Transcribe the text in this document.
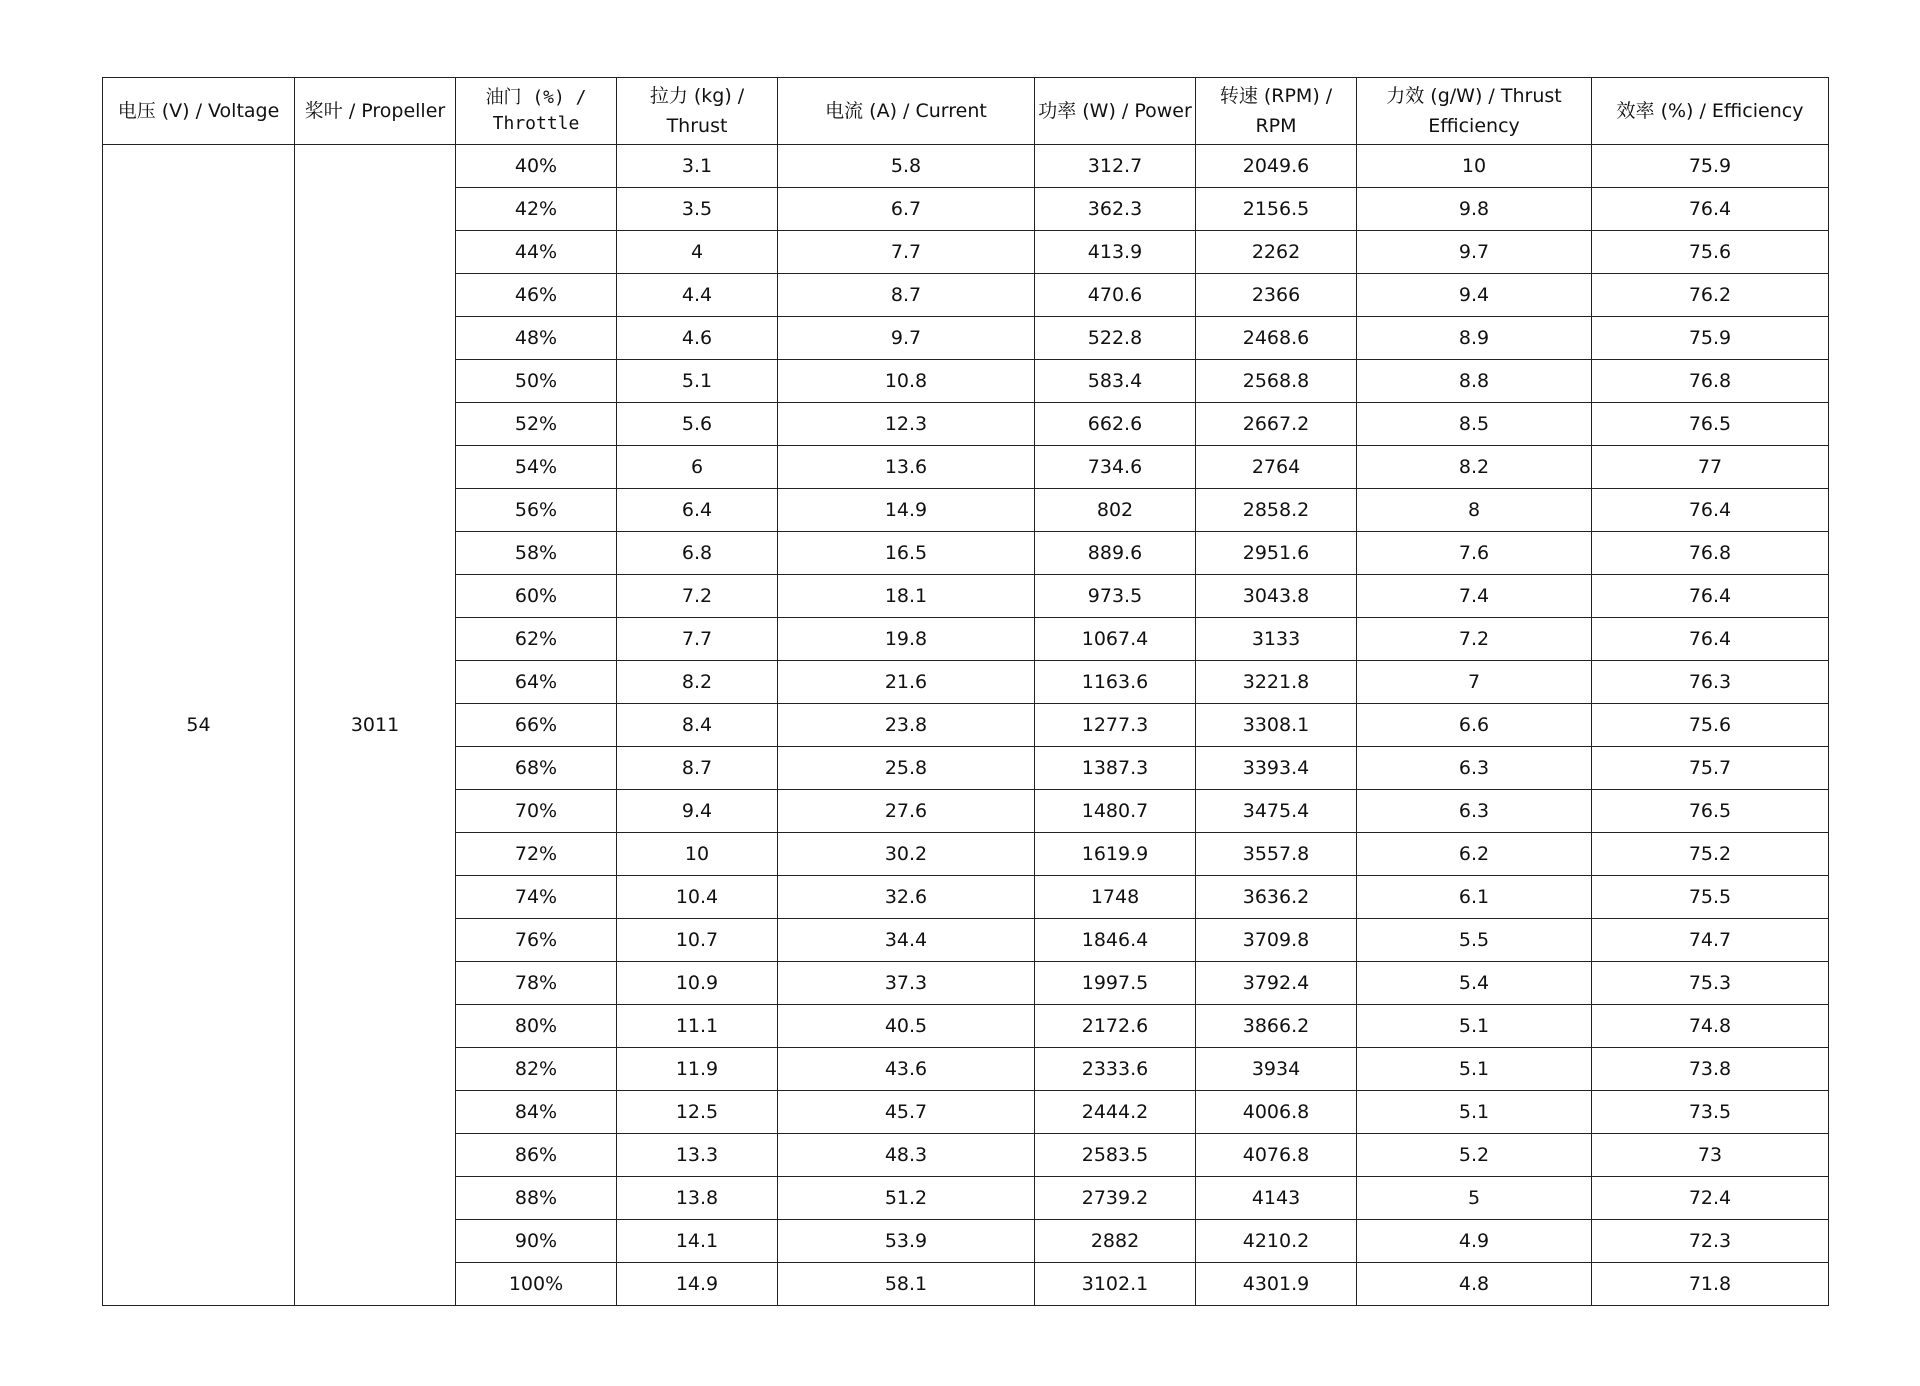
电压 (V) / Voltage	桨叶 / Propeller	油门 (%) / Throttle	拉力 (kg) / Thrust	电流 (A) / Current	功率 (W) / Power	转速 (RPM) / RPM	力效 (g/W) / Thrust Efficiency	效率 (%) / Efficiency
54	3011	40%	3.1	5.8	312.7	2049.6	10	75.9
		42%	3.5	6.7	362.3	2156.5	9.8	76.4
		44%	4	7.7	413.9	2262	9.7	75.6
		46%	4.4	8.7	470.6	2366	9.4	76.2
		48%	4.6	9.7	522.8	2468.6	8.9	75.9
		50%	5.1	10.8	583.4	2568.8	8.8	76.8
		52%	5.6	12.3	662.6	2667.2	8.5	76.5
		54%	6	13.6	734.6	2764	8.2	77
		56%	6.4	14.9	802	2858.2	8	76.4
		58%	6.8	16.5	889.6	2951.6	7.6	76.8
		60%	7.2	18.1	973.5	3043.8	7.4	76.4
		62%	7.7	19.8	1067.4	3133	7.2	76.4
		64%	8.2	21.6	1163.6	3221.8	7	76.3
		66%	8.4	23.8	1277.3	3308.1	6.6	75.6
		68%	8.7	25.8	1387.3	3393.4	6.3	75.7
		70%	9.4	27.6	1480.7	3475.4	6.3	76.5
		72%	10	30.2	1619.9	3557.8	6.2	75.2
		74%	10.4	32.6	1748	3636.2	6.1	75.5
		76%	10.7	34.4	1846.4	3709.8	5.5	74.7
		78%	10.9	37.3	1997.5	3792.4	5.4	75.3
		80%	11.1	40.5	2172.6	3866.2	5.1	74.8
		82%	11.9	43.6	2333.6	3934	5.1	73.8
		84%	12.5	45.7	2444.2	4006.8	5.1	73.5
		86%	13.3	48.3	2583.5	4076.8	5.2	73
		88%	13.8	51.2	2739.2	4143	5	72.4
		90%	14.1	53.9	2882	4210.2	4.9	72.3
		100%	14.9	58.1	3102.1	4301.9	4.8	71.8
